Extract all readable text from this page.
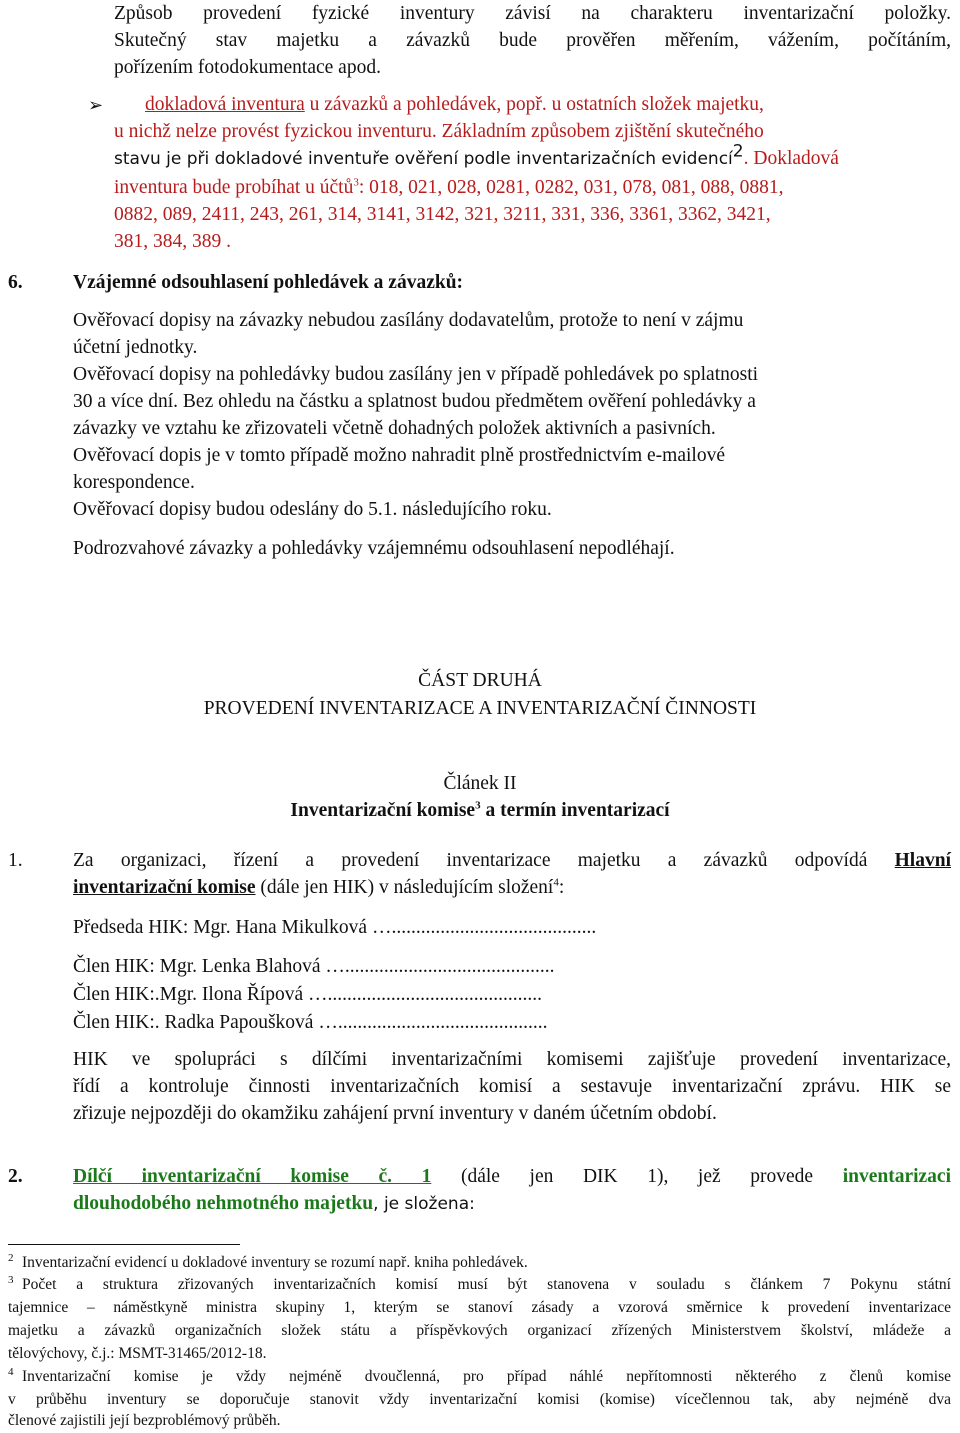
Způsob provedení fyzické inventury závisí na charakteru inventarizační položky.
Skutečný stav majetku a závazků bude prověřen měřením, vážením, počítáním,
pořízením fotodokumentace apod.
➢ dokladová inventura u závazků a pohledávek, popř. u ostatních složek majetku,
u nichž nelze provést fyzickou inventuru. Základním způsobem zjištění skutečného
stavu je při dokladové inventuře ověření podle inventarizačních evidencí$^2$. Dokladová
inventura bude probíhat u účtů$^3$: 018, 021, 028, 0281, 0282, 031, 078, 081, 088, 0881,
0882, 089, 2411, 243, 261, 314, 3141, 3142, 321, 3211, 331, 336, 3361, 3362, 3421,
381, 384, 389 .
6.	Vzájemné odsouhlasení pohledávek a závazků:
Ověřovací dopisy na závazky nebudou zasílány dodavatelům, protože to není v zájmu
účetní jednotky.
Ověřovací dopisy na pohledávky budou zasílány jen v případě pohledávek po splatnosti
30 a více dní. Bez ohledu na částku a splatnost budou předmětem ověření pohledávky a
závazky ve vztahu ke zřizovateli včetně dohadných položek aktivních a pasivních.
Ověřovací dopis je v tomto případě možno nahradit plně prostřednictvím e-mailové
korespondence.
Ověřovací dopisy budou odeslány do 5.1. následujícího roku.
Podrozvahové závazky a pohledávky vzájemnému odsouhlasení nepodléhají.
ČÁST DRUHÁ
PROVEDENÍ INVENTARIZACE A INVENTARIZAČNÍ ČINNOSTI
Článek II
Inventarizační komise$^3$ a termín inventarizací
1.	Za organizaci, řízení a provedení inventarizace majetku a závazků odpovídá Hlavní
inventarizační komise (dále jen HIK) v následujícím složení$^4$:
Předseda HIK: Mgr. Hana Mikulková …..........................................
Člen HIK: Mgr. Lenka Blahová …...........................................
Člen HIK:.Mgr. Ilona Řípová …............................................
Člen HIK:. Radka Papoušková …...........................................
HIK ve spolupráci s dílčími inventarizačními komisemi zajišťuje provedení inventarizace,
řídí a kontroluje činnosti inventarizačních komisí a sestavuje inventarizační zprávu. HIK se
zřizuje nejpozději do okamžiku zahájení první inventury v daném účetním období.
2.	Dílčí inventarizační komise č. 1 (dále jen DIK 1), jež provede inventarizaci
dlouhodobého nehmotného majetku, je složena:
2 Inventarizační evidencí u dokladové inventury se rozumí např. kniha pohledávek.
3 Počet a struktura zřizovaných inventarizačních komisí musí být stanovena v souladu s článkem 7 Pokynu státní
tajemnice – náměstkyně ministra skupiny 1, kterým se stanoví zásady a vzorová směrnice k provedení inventarizace
majetku a závazků organizačních složek státu a příspěvkových organizací zřízených Ministerstvem školství, mládeže a
tělovýchovy, č.j.: MSMT-31465/2012-18.
4 Inventarizační komise je vždy nejméně dvoučlenná, pro případ náhlé nepřítomnosti některého z členů komise
v průběhu inventury se doporučuje stanovit vždy inventarizační komisi (komise) vícečlennou tak, aby nejméně dva
členové zajistili její bezproblémový průběh.
